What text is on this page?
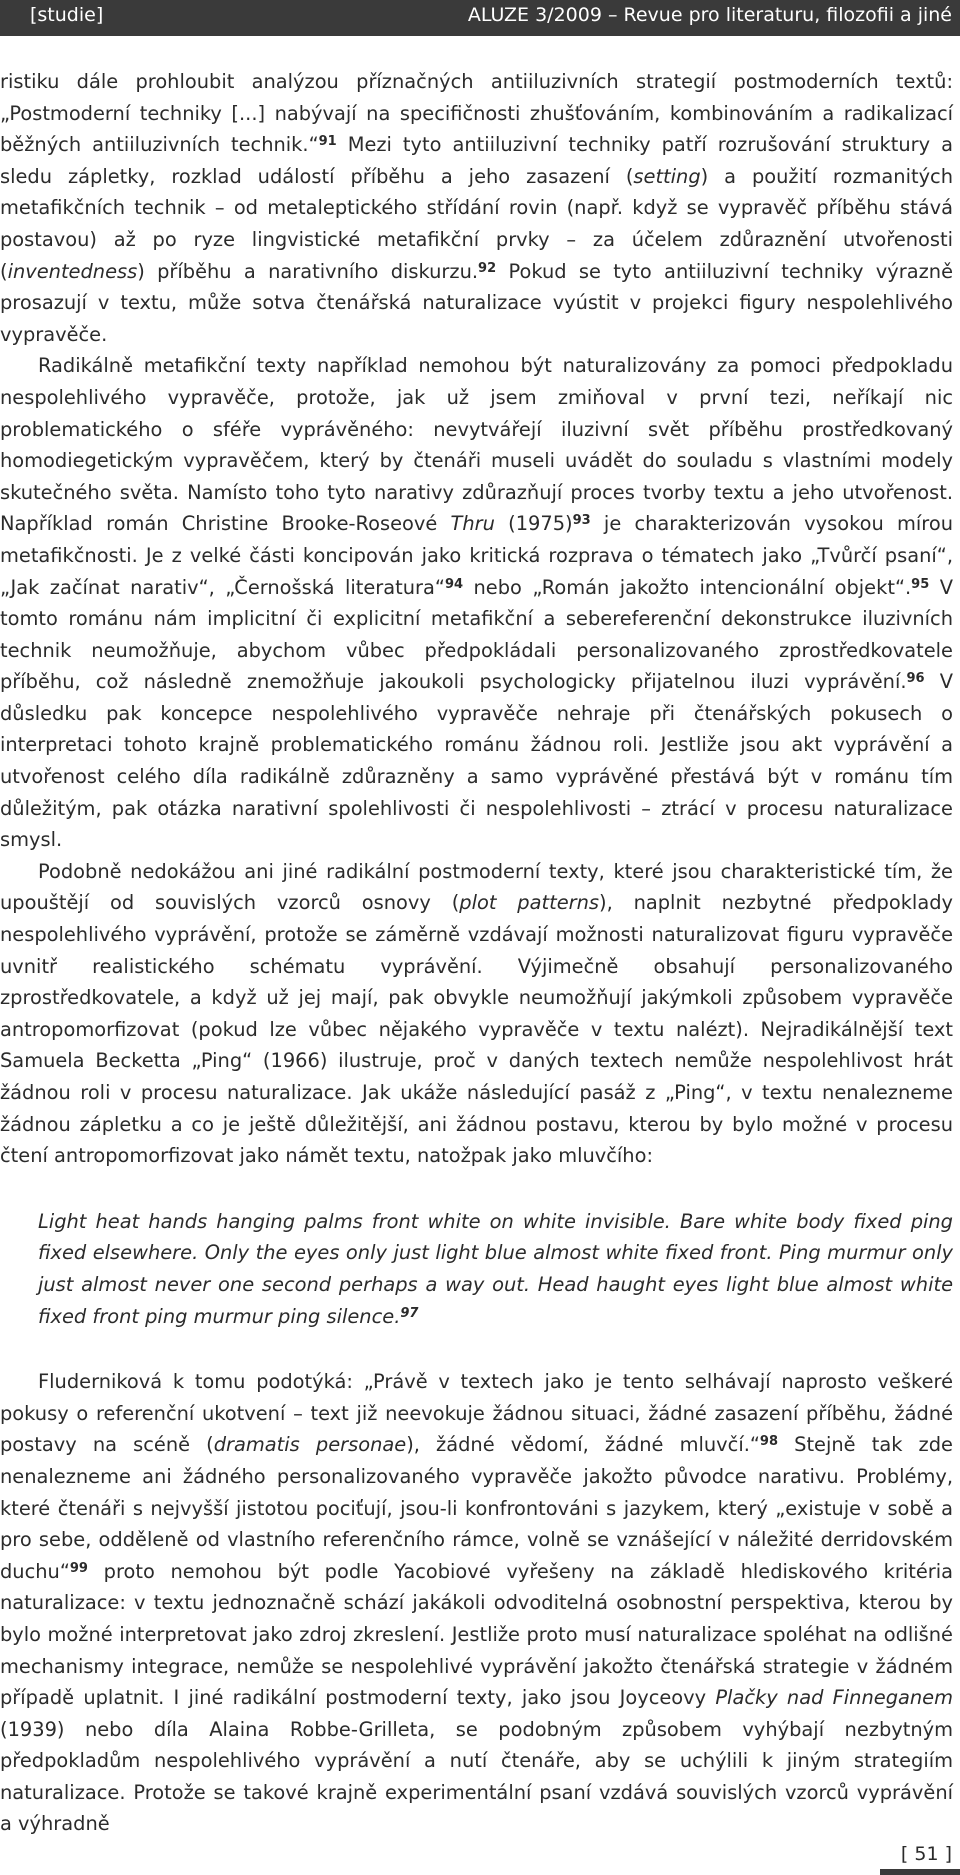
[studie]	ALUZE 3/2009 – Revue pro literaturu, filozofii a jiné

ristiku dále prohloubit analýzou příznačných antiiluzivních strategií postmoderních textů: „Postmoderní techniky [...] nabývají na specifičnosti zhušťováním, kombinováním a radikalizací běžných antiiluzivních technik.“$^{91}$ Mezi tyto antiiluzivní techniky patří rozrušování struktury a sledu zápletky, rozklad událostí příběhu a jeho zasazení (setting) a použití rozmanitých metafikčních technik – od metaleptického střídání rovin (např. když se vypravěč příběhu stává postavou) až po ryze lingvistické metafikční prvky – za účelem zdůraznění utvořenosti (inventedness) příběhu a narativního diskurzu.$^{92}$ Pokud se tyto antiiluzivní techniky výrazně prosazují v textu, může sotva čtenářská naturalizace vyústit v projekci figury nespolehlivého vypravěče.

Radikálně metafikční texty například nemohou být naturalizovány za pomoci předpokladu nespolehlivého vypravěče, protože, jak už jsem zmiňoval v první tezi, neříkají nic problematického o sféře vyprávěného: nevytvářejí iluzivní svět příběhu prostředkovaný homodiegetickým vypravěčem, který by čtenáři museli uvádět do souladu s vlastními modely skutečného světa. Namísto toho tyto narativy zdůrazňují proces tvorby textu a jeho utvořenost. Například román Christine Brooke-Roseové Thru (1975)$^{93}$ je charakterizován vysokou mírou metafikčnosti. Je z velké části koncipován jako kritická rozprava o tématech jako „Tvůrčí psaní“, „Jak začínat narativ“, „Černošská literatura“$^{94}$ nebo „Román jakožto intencionální objekt“.$^{95}$ V tomto románu nám implicitní či explicitní metafikční a sebereferenční dekonstrukce iluzivních technik neumožňuje, abychom vůbec předpokládali personalizovaného zprostředkovatele příběhu, což následně znemožňuje jakoukoli psychologicky přijatelnou iluzi vyprávění.$^{96}$ V důsledku pak koncepce nespolehlivého vypravěče nehraje při čtenářských pokusech o interpretaci tohoto krajně problematického románu žádnou roli. Jestliže jsou akt vyprávění a utvořenost celého díla radikálně zdůrazněny a samo vyprávěné přestává být v románu tím důležitým, pak otázka narativní spolehlivosti či nespolehlivosti – ztrácí v procesu naturalizace smysl.

Podobně nedokážou ani jiné radikální postmoderní texty, které jsou charakteristické tím, že upouštějí od souvislých vzorců osnovy (plot patterns), naplnit nezbytné předpoklady nespolehlivého vyprávění, protože se záměrně vzdávají možnosti naturalizovat figuru vypravěče uvnitř realistického schématu vyprávění. Výjimečně obsahují personalizovaného zprostředkovatele, a když už jej mají, pak obvykle neumožňují jakýmkoli způsobem vypravěče antropomorfizovat (pokud lze vůbec nějakého vypravěče v textu nalézt). Nejradikálnější text Samuela Becketta „Ping“ (1966) ilustruje, proč v daných textech nemůže nespolehlivost hrát žádnou roli v procesu naturalizace. Jak ukáže následující pasáž z „Ping“, v textu nenalezneme žádnou zápletku a co je ještě důležitější, ani žádnou postavu, kterou by bylo možné v procesu čtení antropomorfizovat jako námět textu, natožpak jako mluvčího:

Light heat hands hanging palms front white on white invisible. Bare white body fixed ping fixed elsewhere. Only the eyes only just light blue almost white fixed front. Ping murmur only just almost never one second perhaps a way out. Head haught eyes light blue almost white fixed front ping murmur ping silence.$^{97}$

Fluderniková k tomu podotýká: „Právě v textech jako je tento selhávají naprosto veškeré pokusy o referenční ukotvení – text již neevokuje žádnou situaci, žádné zasazení příběhu, žádné postavy na scéně (dramatis personae), žádné vědomí, žádné mluvčí.“$^{98}$ Stejně tak zde nenalezneme ani žádného personalizovaného vypravěče jakožto původce narativu. Problémy, které čtenáři s nejvyšší jistotou pociťují, jsou-li konfrontováni s jazykem, který „existuje v sobě a pro sebe, odděleně od vlastního referenčního rámce, volně se vznášející v náležité derridovském duchu“$^{99}$ proto nemohou být podle Yacobiové vyřešeny na základě hlediskového kritéria naturalizace: v textu jednoznačně schází jakákoli odvoditelná osobnostní perspektiva, kterou by bylo možné interpretovat jako zdroj zkreslení. Jestliže proto musí naturalizace spoléhat na odlišné mechanismy integrace, nemůže se nespolehlivé vyprávění jakožto čtenářská strategie v žádném případě uplatnit. I jiné radikální postmoderní texty, jako jsou Joyceovy Plačky nad Finneganem (1939) nebo díla Alaina Robbe-Grilleta, se podobným způsobem vyhýbají nezbytným předpokladům nespolehlivého vyprávění a nutí čtenáře, aby se uchýlili k jiným strategiím naturalizace. Protože se takové krajně experimentální psaní vzdává souvislých vzorců vyprávění a výhradně

[ 51 ]
